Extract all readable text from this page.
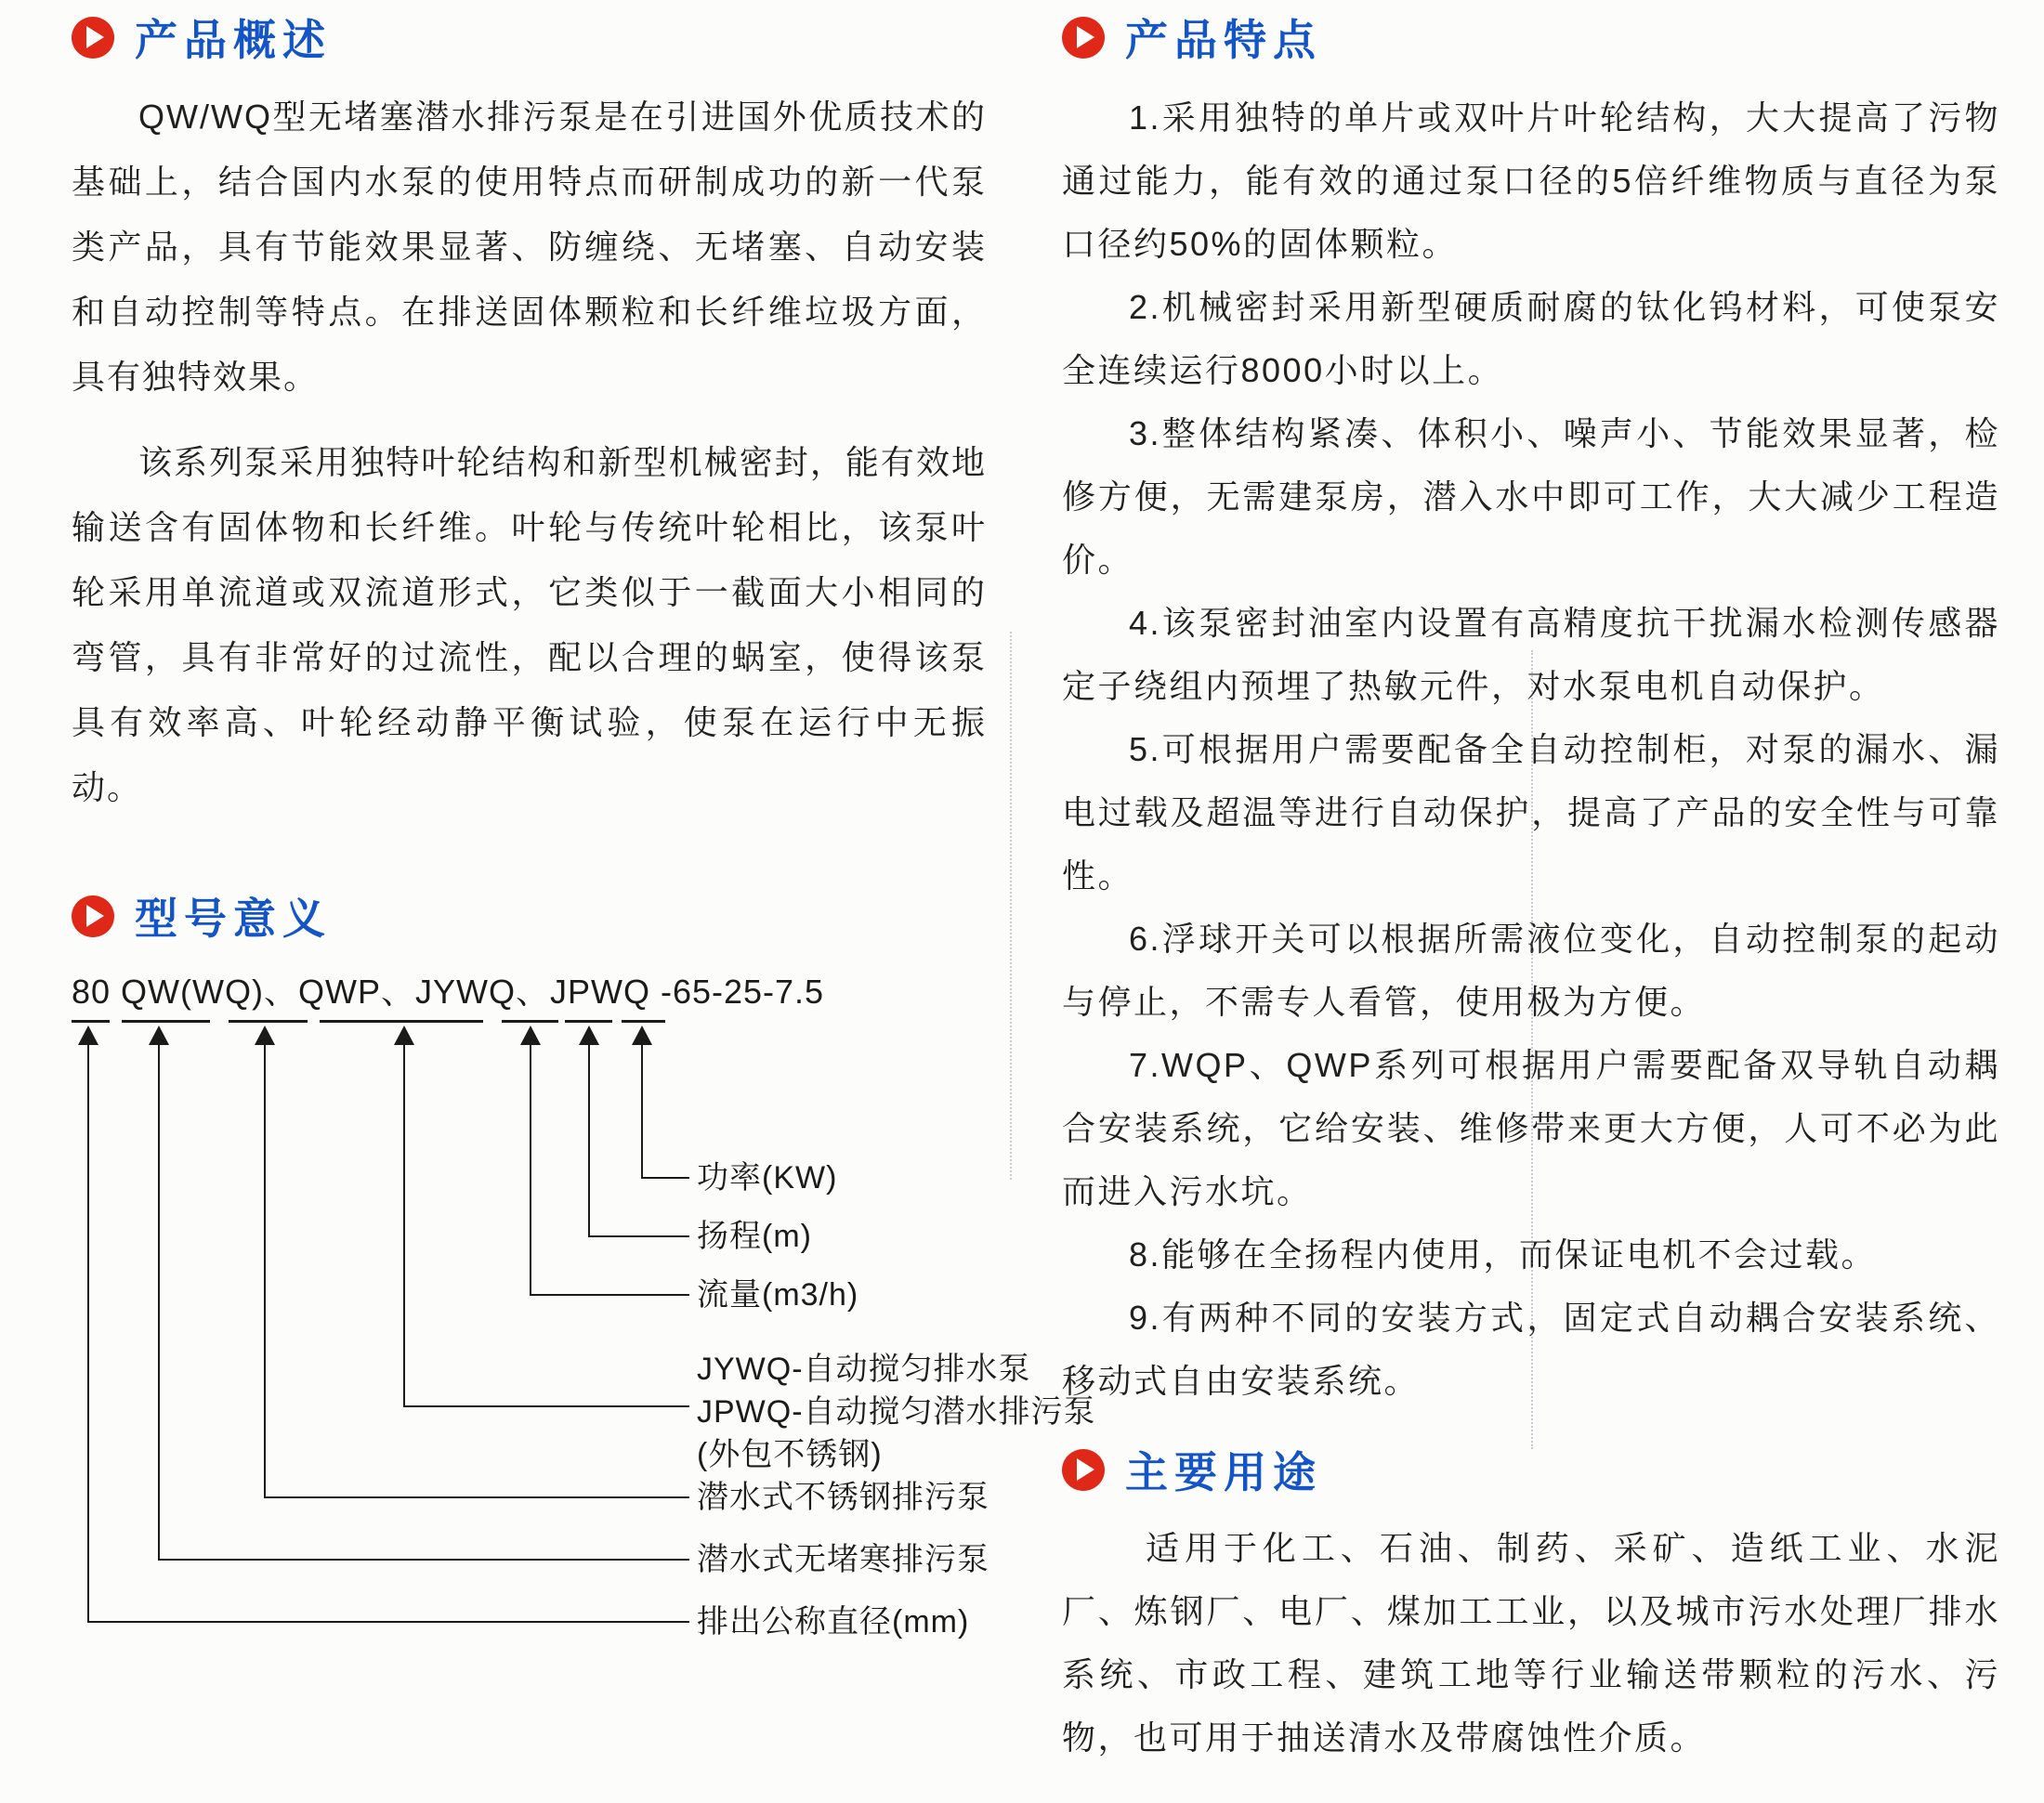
产品概述

QW/WQ型无堵塞潜水排污泵是在引进国外优质技术的基础上，结合国内水泵的使用特点而研制成功的新一代泵类产品，具有节能效果显著、防缠绕、无堵塞、自动安装和自动控制等特点。在排送固体颗粒和长纤维垃圾方面，具有独特效果。

该系列泵采用独特叶轮结构和新型机械密封，能有效地输送含有固体物和长纤维。叶轮与传统叶轮相比，该泵叶轮采用单流道或双流道形式，它类似于一截面大小相同的弯管，具有非常好的过流性，配以合理的蜗室，使得该泵具有效率高、叶轮经动静平衡试验，使泵在运行中无振动。

型号意义
80 QW(WQ)、QWP、JYWQ、JPWQ -65-25-7.5
功率(KW)
扬程(m)
流量(m3/h)
JYWQ-自动搅匀排水泵
JPWQ-自动搅匀潜水排污泵
(外包不锈钢)
潜水式不锈钢排污泵
潜水式无堵寒排污泵
排出公称直径(mm)
产品特点

1.采用独特的单片或双叶片叶轮结构，大大提高了污物通过能力，能有效的通过泵口径的5倍纤维物质与直径为泵口径约50%的固体颗粒。

2.机械密封采用新型硬质耐腐的钛化钨材料，可使泵安全连续运行8000小时以上。

3.整体结构紧凑、体积小、噪声小、节能效果显著，检修方便，无需建泵房，潜入水中即可工作，大大减少工程造价。

4.该泵密封油室内设置有高精度抗干扰漏水检测传感器定子绕组内预埋了热敏元件，对水泵电机自动保护。

5.可根据用户需要配备全自动控制柜，对泵的漏水、漏电过载及超温等进行自动保护，提高了产品的安全性与可靠性。

6.浮球开关可以根据所需液位变化，自动控制泵的起动与停止，不需专人看管，使用极为方便。

7.WQP、QWP系列可根据用户需要配备双导轨自动耦合安装系统，它给安装、维修带来更大方便，人可不必为此而进入污水坑。

8.能够在全扬程内使用，而保证电机不会过载。

9.有两种不同的安装方式，固定式自动耦合安装系统、移动式自由安装系统。

主要用途

适用于化工、石油、制药、采矿、造纸工业、水泥厂、炼钢厂、电厂、煤加工工业，以及城市污水处理厂排水系统、市政工程、建筑工地等行业输送带颗粒的污水、污物，也可用于抽送清水及带腐蚀性介质。
